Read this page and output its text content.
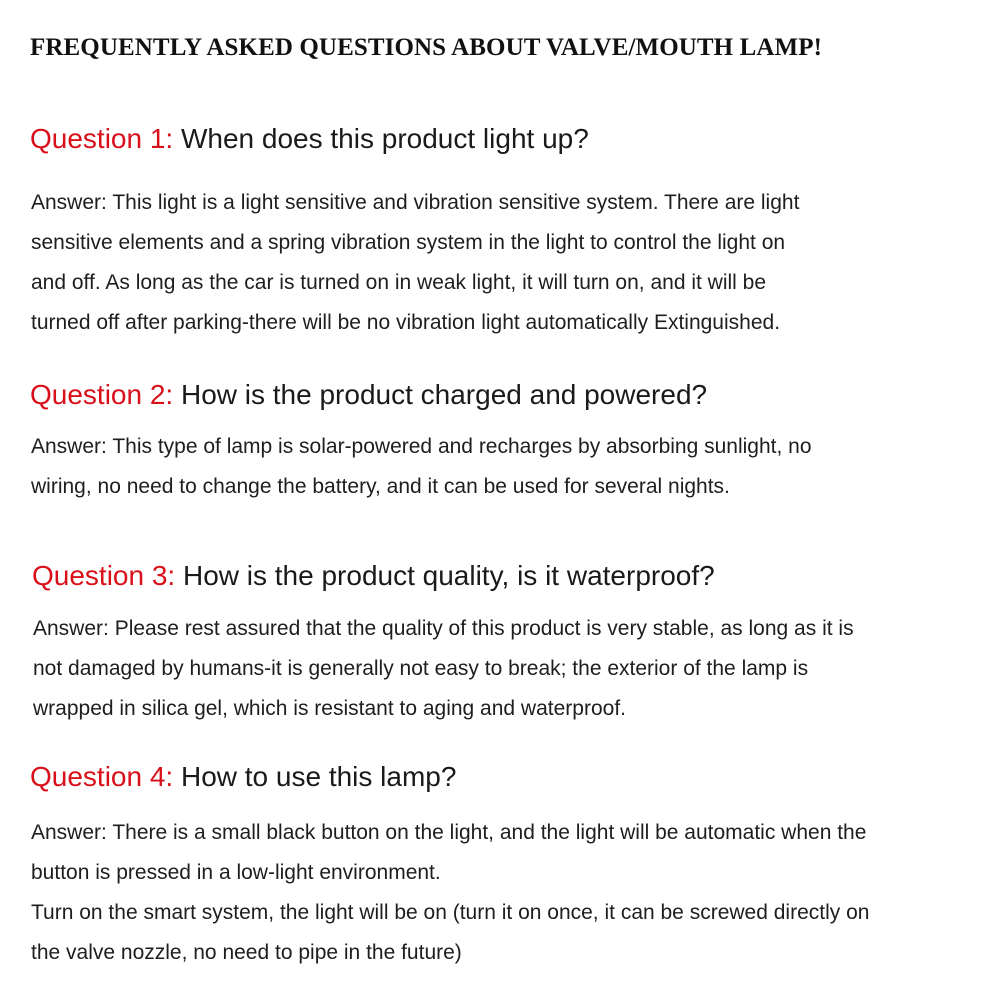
FREQUENTLY ASKED QUESTIONS ABOUT VALVE/MOUTH LAMP!
Question 1: When does this product light up?

Answer: This light is a light sensitive and vibration sensitive system. There are light
sensitive elements and a spring vibration system in the light to control the light on
and off. As long as the car is turned on in weak light, it will turn on, and it will be
turned off after parking-there will be no vibration light automatically Extinguished.

Question 2: How is the product charged and powered?

Answer: This type of lamp is solar-powered and recharges by absorbing sunlight, no
wiring, no need to change the battery, and it can be used for several nights.

Question 3: How is the product quality, is it waterproof?

Answer: Please rest assured that the quality of this product is very stable, as long as it is
not damaged by humans-it is generally not easy to break; the exterior of the lamp is
wrapped in silica gel, which is resistant to aging and waterproof.

Question 4: How to use this lamp?

Answer: There is a small black button on the light, and the light will be automatic when the
button is pressed in a low-light environment.
Turn on the smart system, the light will be on (turn it on once, it can be screwed directly on
the valve nozzle, no need to pipe in the future)
